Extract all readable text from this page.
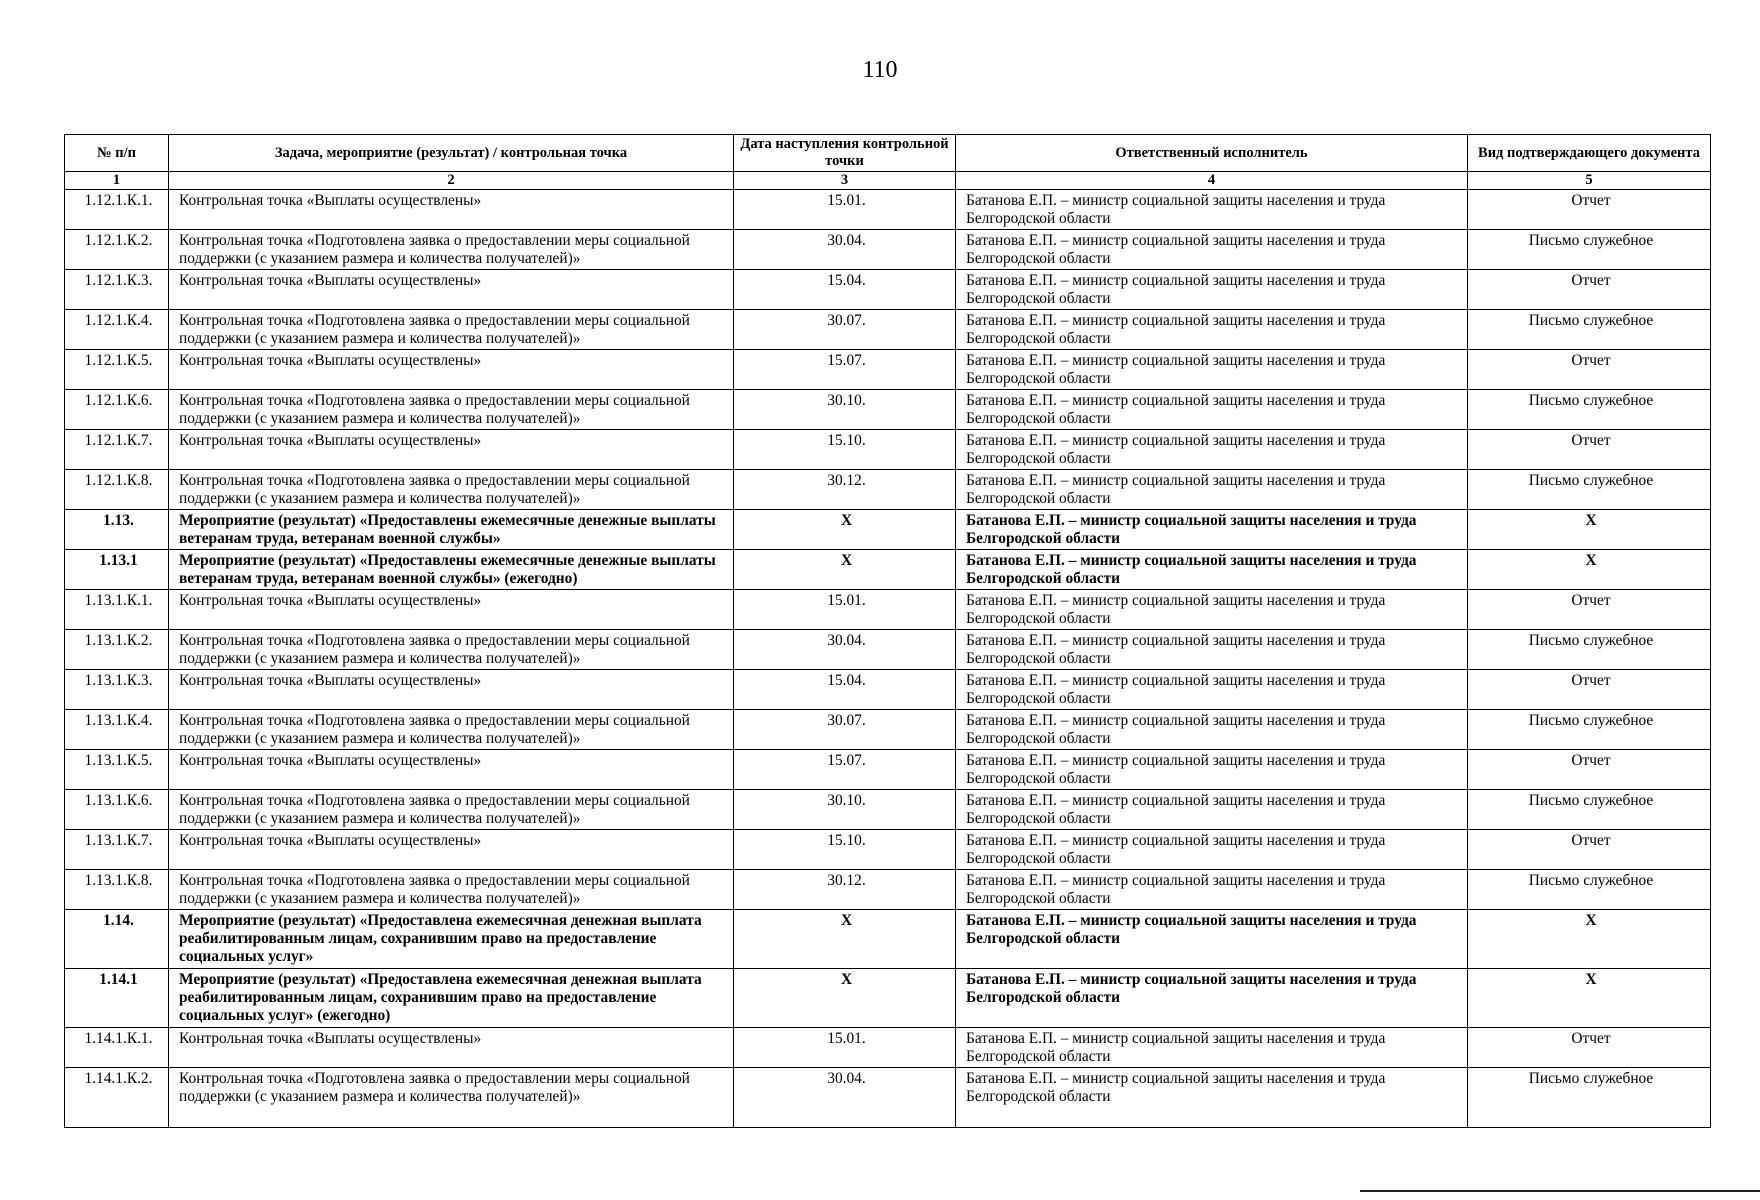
110
№ п/п	Задача, мероприятие (результат) / контрольная точка	Дата наступления контрольной точки	Ответственный исполнитель	Вид подтверждающего документа
1	2	3	4	5
1.12.1.К.1.	Контрольная точка «Выплаты осуществлены»	15.01.	Батанова Е.П. – министр социальной защиты населения и труда Белгородской области	Отчет
1.12.1.К.2.	Контрольная точка «Подготовлена заявка о предоставлении меры социальной поддержки (с указанием размера и количества получателей)»	30.04.	Батанова Е.П. – министр социальной защиты населения и труда Белгородской области	Письмо служебное
1.12.1.К.3.	Контрольная точка «Выплаты осуществлены»	15.04.	Батанова Е.П. – министр социальной защиты населения и труда Белгородской области	Отчет
1.12.1.К.4.	Контрольная точка «Подготовлена заявка о предоставлении меры социальной поддержки (с указанием размера и количества получателей)»	30.07.	Батанова Е.П. – министр социальной защиты населения и труда Белгородской области	Письмо служебное
1.12.1.К.5.	Контрольная точка «Выплаты осуществлены»	15.07.	Батанова Е.П. – министр социальной защиты населения и труда Белгородской области	Отчет
1.12.1.К.6.	Контрольная точка «Подготовлена заявка о предоставлении меры социальной поддержки (с указанием размера и количества получателей)»	30.10.	Батанова Е.П. – министр социальной защиты населения и труда Белгородской области	Письмо служебное
1.12.1.К.7.	Контрольная точка «Выплаты осуществлены»	15.10.	Батанова Е.П. – министр социальной защиты населения и труда Белгородской области	Отчет
1.12.1.К.8.	Контрольная точка «Подготовлена заявка о предоставлении меры социальной поддержки (с указанием размера и количества получателей)»	30.12.	Батанова Е.П. – министр социальной защиты населения и труда Белгородской области	Письмо служебное
1.13.	Мероприятие (результат) «Предоставлены ежемесячные денежные выплаты ветеранам труда, ветеранам военной службы»	Х	Батанова Е.П. – министр социальной защиты населения и труда Белгородской области	Х
1.13.1	Мероприятие (результат) «Предоставлены ежемесячные денежные выплаты ветеранам труда, ветеранам военной службы» (ежегодно)	Х	Батанова Е.П. – министр социальной защиты населения и труда Белгородской области	Х
1.13.1.К.1.	Контрольная точка «Выплаты осуществлены»	15.01.	Батанова Е.П. – министр социальной защиты населения и труда Белгородской области	Отчет
1.13.1.К.2.	Контрольная точка «Подготовлена заявка о предоставлении меры социальной поддержки (с указанием размера и количества получателей)»	30.04.	Батанова Е.П. – министр социальной защиты населения и труда Белгородской области	Письмо служебное
1.13.1.К.3.	Контрольная точка «Выплаты осуществлены»	15.04.	Батанова Е.П. – министр социальной защиты населения и труда Белгородской области	Отчет
1.13.1.К.4.	Контрольная точка «Подготовлена заявка о предоставлении меры социальной поддержки (с указанием размера и количества получателей)»	30.07.	Батанова Е.П. – министр социальной защиты населения и труда Белгородской области	Письмо служебное
1.13.1.К.5.	Контрольная точка «Выплаты осуществлены»	15.07.	Батанова Е.П. – министр социальной защиты населения и труда Белгородской области	Отчет
1.13.1.К.6.	Контрольная точка «Подготовлена заявка о предоставлении меры социальной поддержки (с указанием размера и количества получателей)»	30.10.	Батанова Е.П. – министр социальной защиты населения и труда Белгородской области	Письмо служебное
1.13.1.К.7.	Контрольная точка «Выплаты осуществлены»	15.10.	Батанова Е.П. – министр социальной защиты населения и труда Белгородской области	Отчет
1.13.1.К.8.	Контрольная точка «Подготовлена заявка о предоставлении меры социальной поддержки (с указанием размера и количества получателей)»	30.12.	Батанова Е.П. – министр социальной защиты населения и труда Белгородской области	Письмо служебное
1.14.	Мероприятие (результат) «Предоставлена ежемесячная денежная выплата реабилитированным лицам, сохранившим право на предоставление социальных услуг»	Х	Батанова Е.П. – министр социальной защиты населения и труда Белгородской области	Х
1.14.1	Мероприятие (результат) «Предоставлена ежемесячная денежная выплата реабилитированным лицам, сохранившим право на предоставление социальных услуг» (ежегодно)	Х	Батанова Е.П. – министр социальной защиты населения и труда Белгородской области	Х
1.14.1.К.1.	Контрольная точка «Выплаты осуществлены»	15.01.	Батанова Е.П. – министр социальной защиты населения и труда Белгородской области	Отчет
1.14.1.К.2.	Контрольная точка «Подготовлена заявка о предоставлении меры социальной поддержки (с указанием размера и количества получателей)»	30.04.	Батанова Е.П. – министр социальной защиты населения и труда Белгородской области	Письмо служебное
